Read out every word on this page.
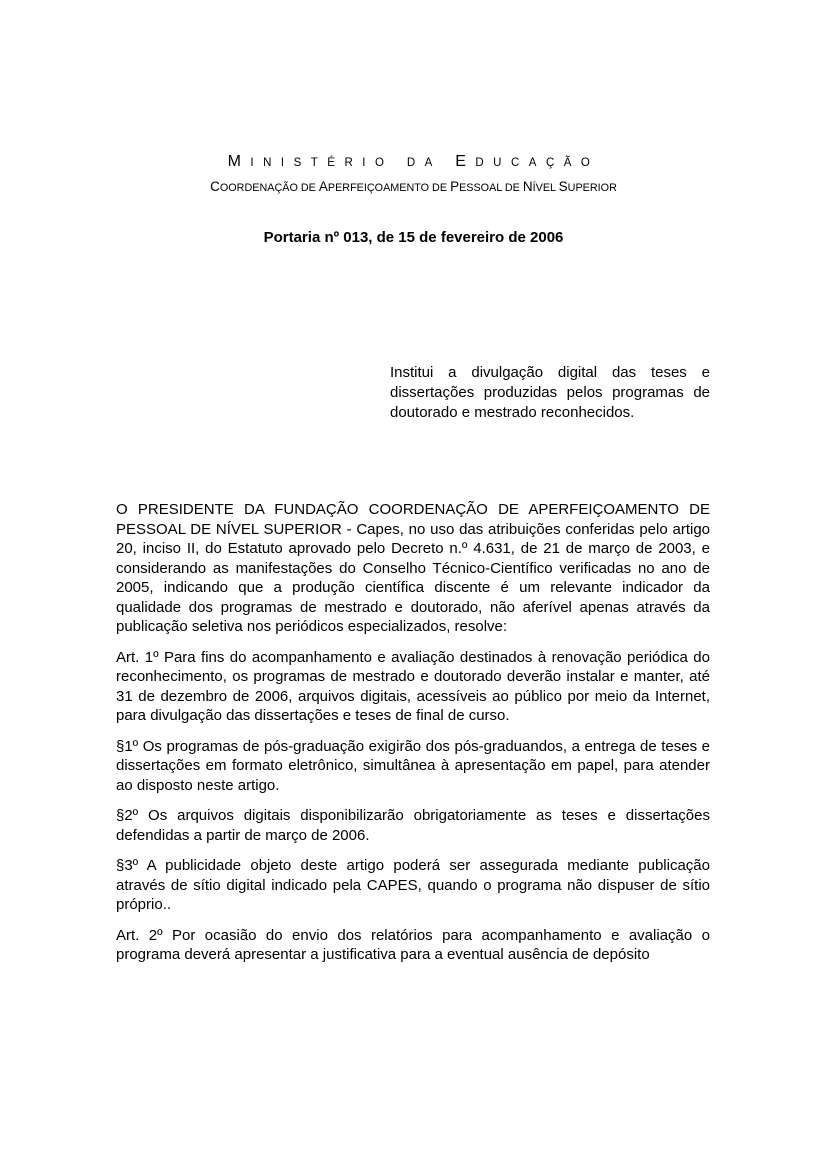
MINISTÉRIO DA EDUCAÇÃO
COORDENAÇÃO DE APERFEIÇOAMENTO DE PESSOAL DE NÍVEL SUPERIOR
Portaria nº 013, de 15 de fevereiro de 2006
Institui a divulgação digital das teses e dissertações produzidas pelos programas de doutorado e mestrado reconhecidos.

O PRESIDENTE DA FUNDAÇÃO COORDENAÇÃO DE APERFEIÇOAMENTO DE PESSOAL DE NÍVEL SUPERIOR - Capes, no uso das atribuições conferidas pelo artigo 20, inciso II, do Estatuto aprovado pelo Decreto n.º 4.631, de 21 de março de 2003, e considerando as manifestações do Conselho Técnico-Científico verificadas no ano de 2005, indicando que a produção científica discente é um relevante indicador da qualidade dos programas de mestrado e doutorado, não aferível apenas através da publicação seletiva nos periódicos especializados, resolve:

Art. 1º Para fins do acompanhamento e avaliação destinados à renovação periódica do reconhecimento, os programas de mestrado e doutorado deverão instalar e manter, até 31 de dezembro de 2006, arquivos digitais, acessíveis ao público por meio da Internet, para divulgação das dissertações e teses de final de curso.

§1º Os programas de pós-graduação exigirão dos pós-graduandos, a entrega de teses e dissertações em formato eletrônico, simultânea à apresentação em papel, para atender ao disposto neste artigo.

§2º Os arquivos digitais disponibilizarão obrigatoriamente as teses e dissertações defendidas a partir de março de 2006.

§3º A publicidade objeto deste artigo poderá ser assegurada mediante publicação através de sítio digital indicado pela CAPES, quando o programa não dispuser de sítio próprio..

Art. 2º Por ocasião do envio dos relatórios para acompanhamento e avaliação o programa deverá apresentar a justificativa para a eventual ausência de depósito
